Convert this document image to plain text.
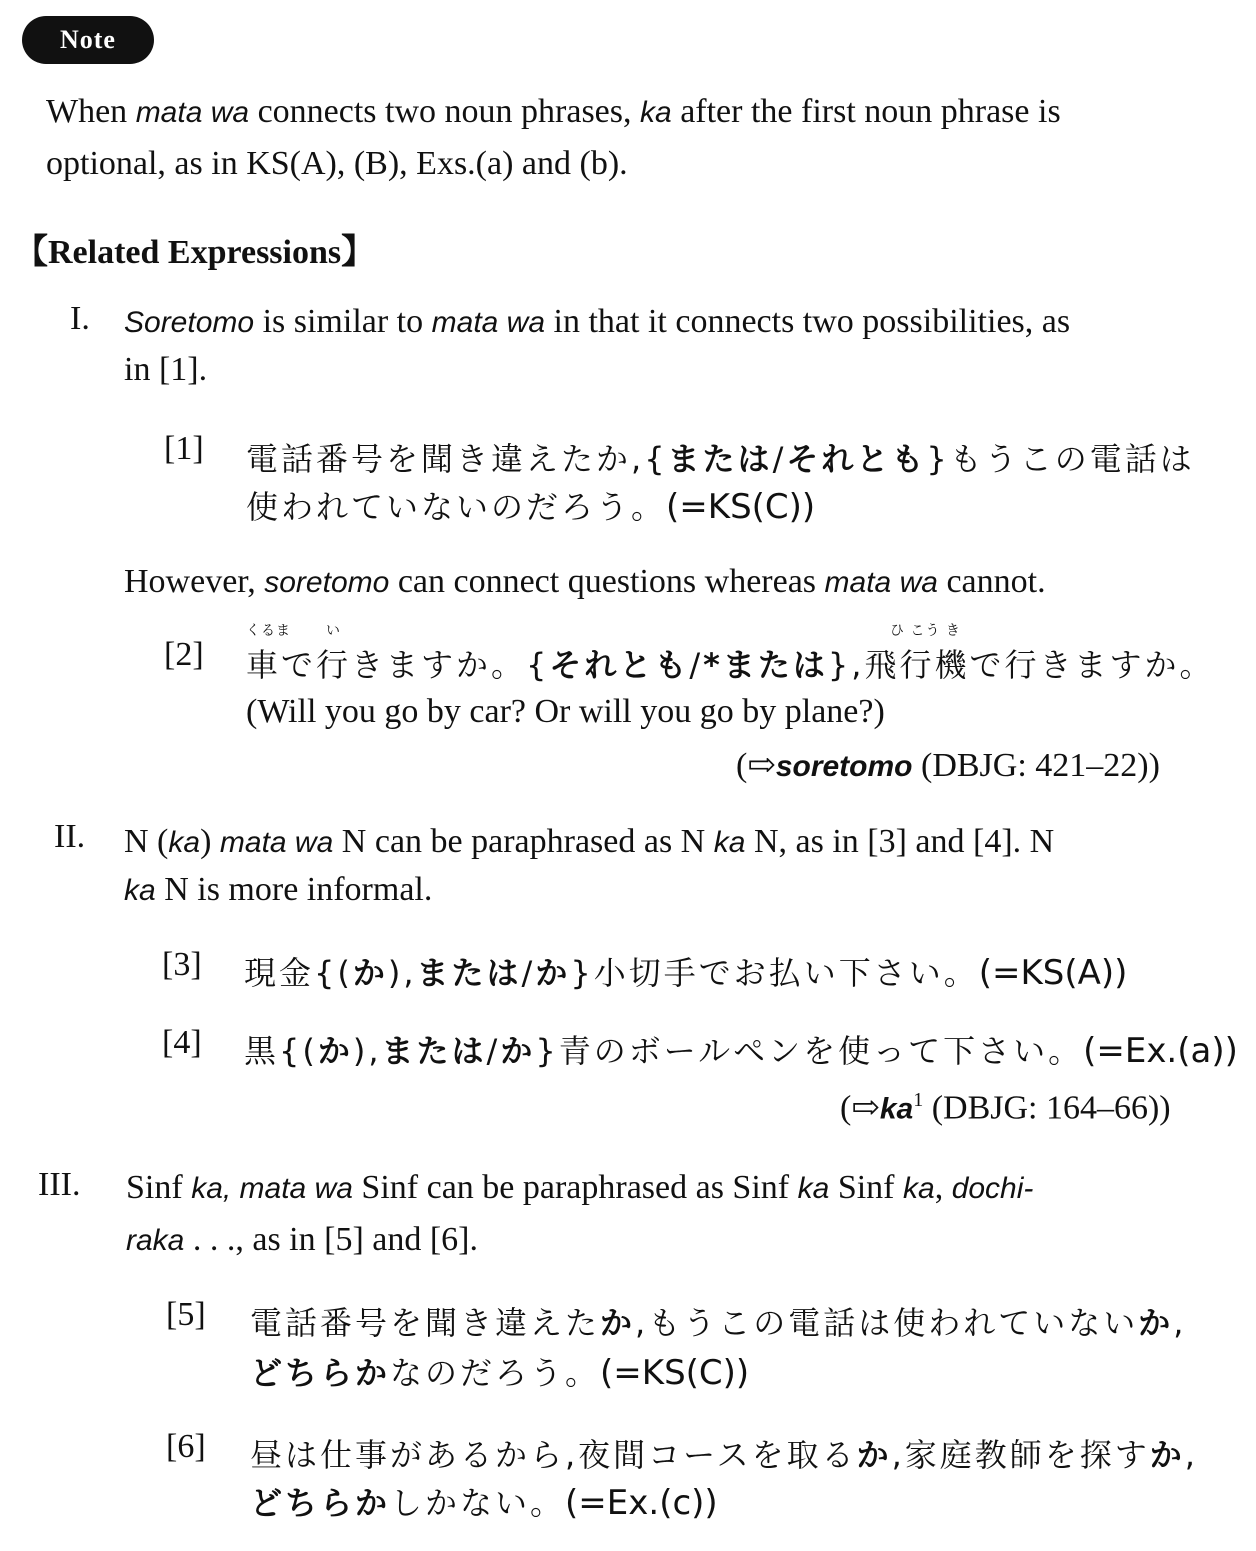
Note
When mata wa connects two noun phrases, ka after the first noun phrase is
optional, as in KS(A), (B), Exs.(a) and (b).
【Related Expressions】
I. Soretomo is similar to mata wa in that it connects two possibilities, as
in [1].
[1] 電話番号を聞き違えたか,{または/それとも}もうこの電話は
使われていないのだろう。(=KS(C))
However, soretomo can connect questions whereas mata wa cannot.
くるま	い	ひ こう き
[2] 車で行きますか。{それとも/*または},飛行機で行きますか。
(Will you go by car? Or will you go by plane?)
(⇨soretomo (DBJG: 421–22))
II. N (ka) mata wa N can be paraphrased as N ka N, as in [3] and [4]. N
ka N is more informal.
[3] 現金{(か),または/か}小切手でお払い下さい。(=KS(A))
[4] 黒{(か),または/か}青のボールペンを使って下さい。(=Ex.(a))
($⇨ka^1$ (DBJG: 164–66))
III. Sinf ka, mata wa Sinf can be paraphrased as Sinf ka Sinf ka, dochi-
raka . . ., as in [5] and [6].
[5] 電話番号を聞き違えたか,もうこの電話は使われていないか,
どちらかなのだろう。(=KS(C))
[6] 昼は仕事があるから,夜間コースを取るか,家庭教師を探すか,
どちらかしかない。(=Ex.(c))
